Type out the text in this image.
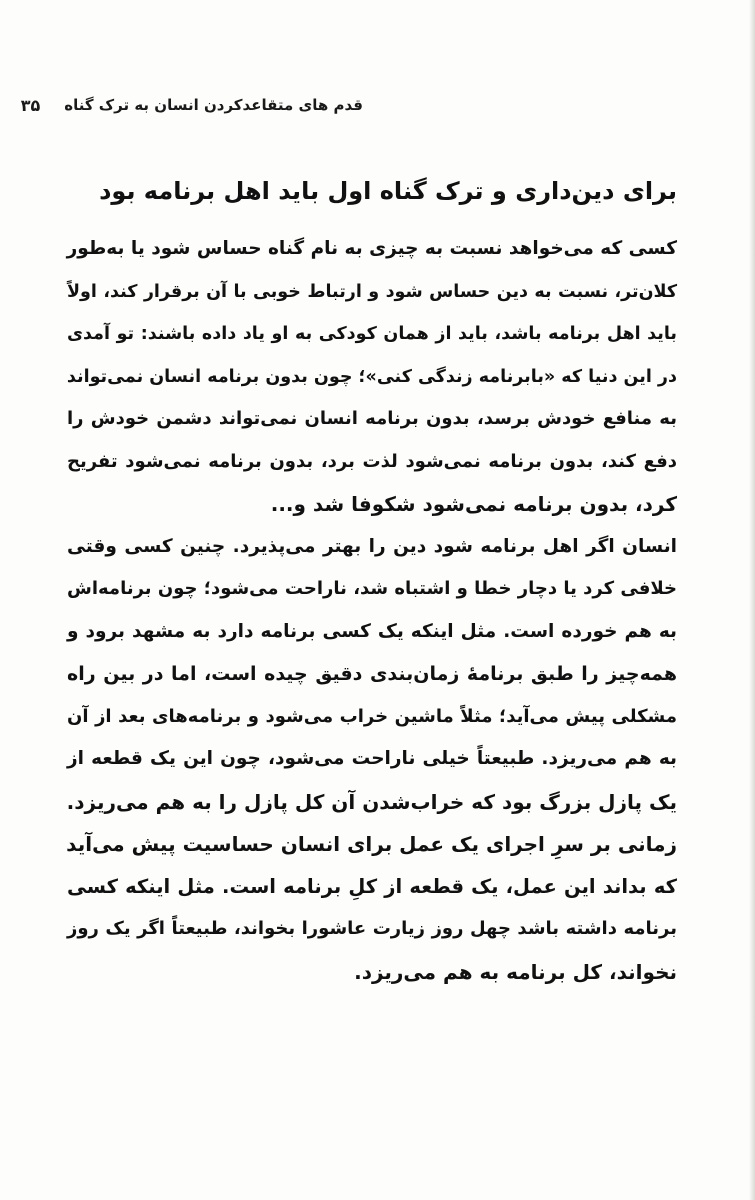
قدم های متقاعدکردن انسان به ترک گناه
۳۵
برای دین‌داری و ترک گناه اول باید اهل برنامه بود

کسی که می‌خواهد نسبت به چیزی به نام گناه حساس شود یا به‌طور
کلان‌تر، نسبت به دین حساس شود و ارتباط خوبی با آن برقرار کند، اولاً
باید اهل برنامه باشد، باید از همان کودکی به او یاد داده باشند: تو آمدی
در این دنیا که «بابرنامه زندگی کنی»؛ چون بدون برنامه انسان نمی‌تواند
به منافع خودش برسد، بدون برنامه انسان نمی‌تواند دشمن خودش را
دفع کند، بدون برنامه نمی‌شود لذت برد، بدون برنامه نمی‌شود تفریح
کرد، بدون برنامه نمی‌شود شکوفا شد و...

انسان اگر اهل برنامه شود دین را بهتر می‌پذیرد. چنین کسی وقتی
خلافی کرد یا دچار خطا و اشتباه شد، ناراحت می‌شود؛ چون برنامه‌اش
به هم خورده است. مثل اینکه یک کسی برنامه دارد به مشهد برود و
همه‌چیز را طبق برنامهٔ زمان‌بندی دقیق چیده است، اما در بین راه
مشکلی پیش می‌آید؛ مثلاً ماشین خراب می‌شود و برنامه‌های بعد از آن
به هم می‌ریزد. طبیعتاً خیلی ناراحت می‌شود، چون این یک قطعه از
یک پازل بزرگ بود که خراب‌شدن آن کل پازل را به هم می‌ریزد.

زمانی بر سرِ اجرای یک عمل برای انسان حساسیت پیش می‌آید
که بداند این عمل، یک قطعه از کلِ برنامه است. مثل اینکه کسی
برنامه داشته باشد چهل روز زیارت عاشورا بخواند، طبیعتاً اگر یک روز
نخواند، کل برنامه به هم می‌ریزد.
